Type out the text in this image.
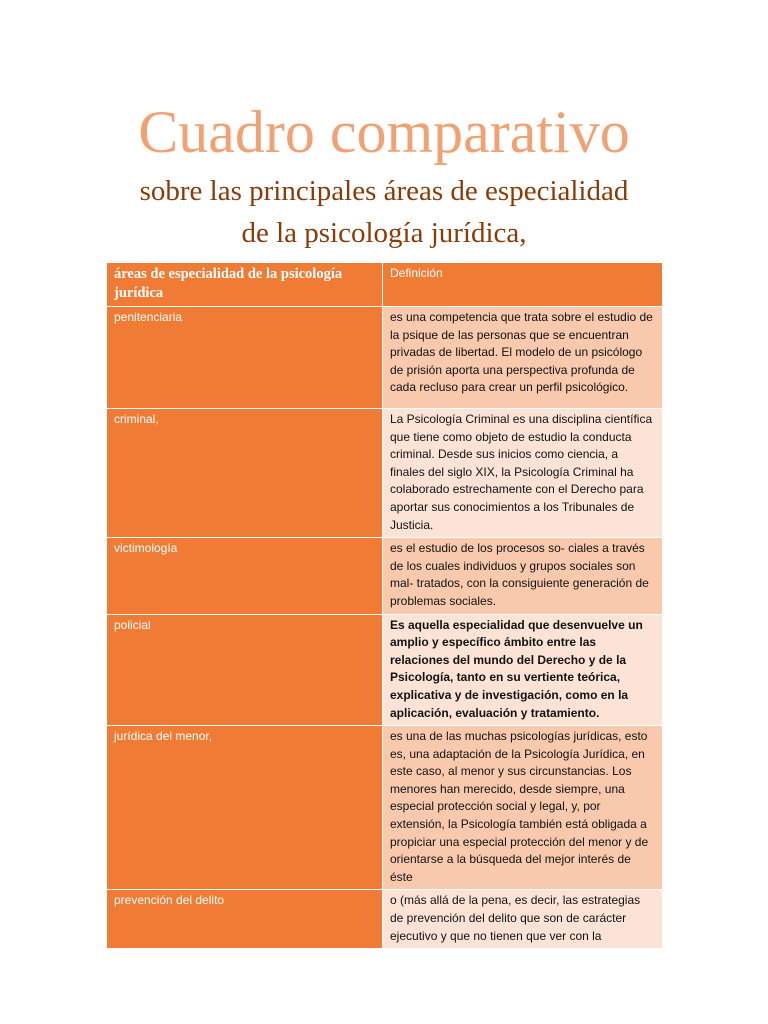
Cuadro comparativo
sobre las principales áreas de especialidad
de la psicología jurídica,
áreas de especialidad de la psicología jurídica	Definición
penitenciaria	es una competencia que trata sobre el estudio de la psique de las personas que se encuentran privadas de libertad. El modelo de un psicólogo de prisión aporta una perspectiva profunda de cada recluso para crear un perfil psicológico.
criminal,	La Psicología Criminal es una disciplina científica que tiene como objeto de estudio la conducta criminal. Desde sus inicios como ciencia, a finales del siglo XIX, la Psicología Criminal ha colaborado estrechamente con el Derecho para aportar sus conocimientos a los Tribunales de Justicia.
victimología	es el estudio de los procesos so- ciales a través de los cuales individuos y grupos sociales son mal- tratados, con la consiguiente generación de problemas sociales.
policial	Es aquella especialidad que desenvuelve un amplio y específico ámbito entre las relaciones del mundo del Derecho y de la Psicología, tanto en su vertiente teórica, explicativa y de investigación, como en la aplicación, evaluación y tratamiento.
jurídica del menor,	es una de las muchas psicologías jurídicas, esto es, una adaptación de la Psicología Jurídica, en este caso, al menor y sus circunstancias. Los menores han merecido, desde siempre, una especial protección social y legal, y, por extensión, la Psicología también está obligada a propiciar una especial protección del menor y de orientarse a la búsqueda del mejor interés de éste
prevención del delito	o (más allá de la pena, es decir, las estrategias de prevención del delito que son de carácter ejecutivo y que no tienen que ver con la
